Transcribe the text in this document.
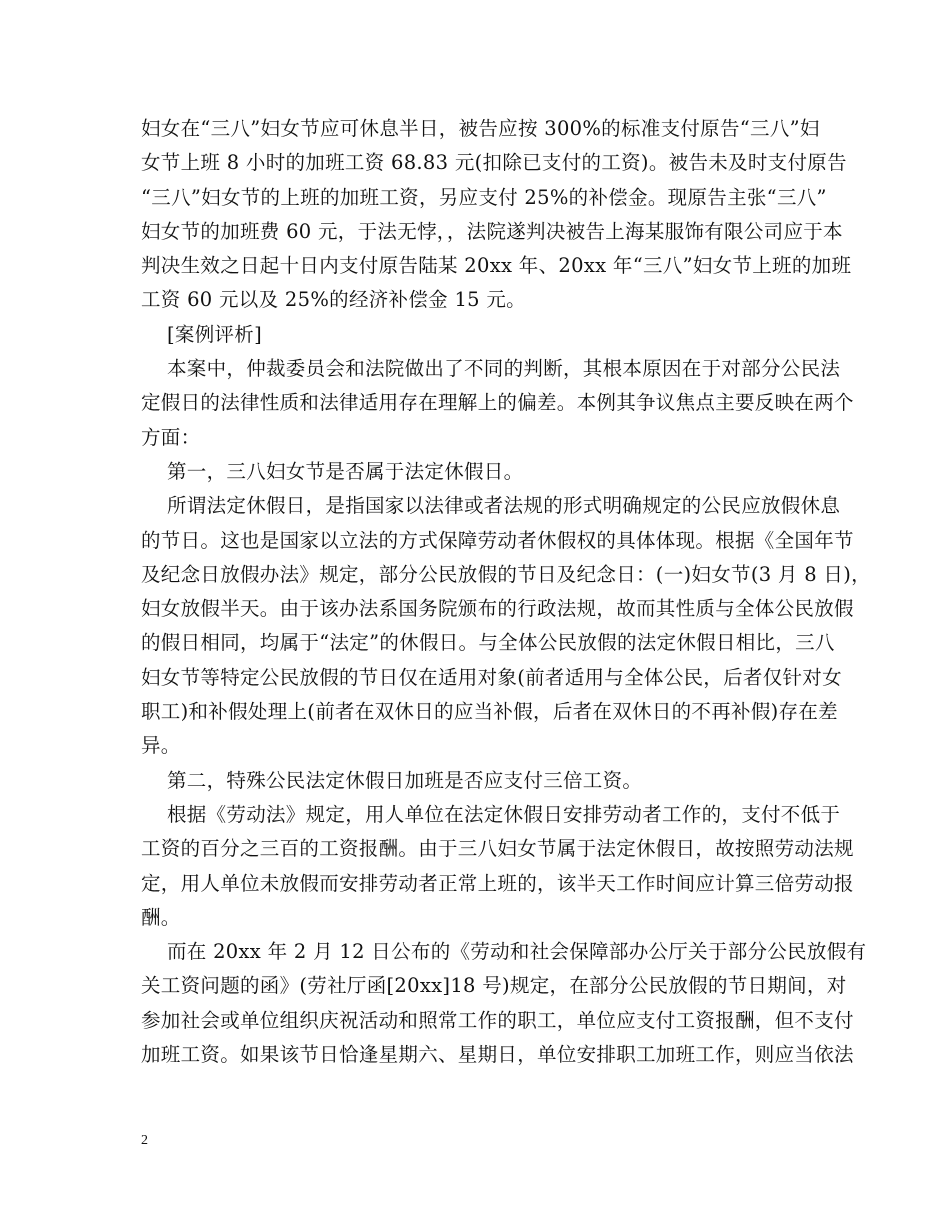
妇女在“三八”妇女节应可休息半日，被告应按 300%的标准支付原告“三八”妇
女节上班 8 小时的加班工资 68.83 元(扣除已支付的工资)。被告未及时支付原告
“三八”妇女节的上班的加班工资，另应支付 25%的补偿金。现原告主张“三八”
妇女节的加班费 60 元，于法无悖，，法院遂判决被告上海某服饰有限公司应于本
判决生效之日起十日内支付原告陆某 20xx 年、20xx 年“三八”妇女节上班的加班
工资 60 元以及 25%的经济补偿金 15 元。
[案例评析]
本案中，仲裁委员会和法院做出了不同的判断，其根本原因在于对部分公民法
定假日的法律性质和法律适用存在理解上的偏差。本例其争议焦点主要反映在两个
方面：
第一，三八妇女节是否属于法定休假日。
所谓法定休假日，是指国家以法律或者法规的形式明确规定的公民应放假休息
的节日。这也是国家以立法的方式保障劳动者休假权的具体体现。根据《全国年节
及纪念日放假办法》规定，部分公民放假的节日及纪念日：(一)妇女节(3 月 8 日)，
妇女放假半天。由于该办法系国务院颁布的行政法规，故而其性质与全体公民放假
的假日相同，均属于“法定”的休假日。与全体公民放假的法定休假日相比，三八
妇女节等特定公民放假的节日仅在适用对象(前者适用与全体公民，后者仅针对女
职工)和补假处理上(前者在双休日的应当补假，后者在双休日的不再补假)存在差
异。
第二，特殊公民法定休假日加班是否应支付三倍工资。
根据《劳动法》规定，用人单位在法定休假日安排劳动者工作的，支付不低于
工资的百分之三百的工资报酬。由于三八妇女节属于法定休假日，故按照劳动法规
定，用人单位未放假而安排劳动者正常上班的，该半天工作时间应计算三倍劳动报
酬。
而在 20xx 年 2 月 12 日公布的《劳动和社会保障部办公厅关于部分公民放假有
关工资问题的函》(劳社厅函[20xx]18 号)规定，在部分公民放假的节日期间，对
参加社会或单位组织庆祝活动和照常工作的职工，单位应支付工资报酬，但不支付
加班工资。如果该节日恰逢星期六、星期日，单位安排职工加班工作，则应当依法
2
